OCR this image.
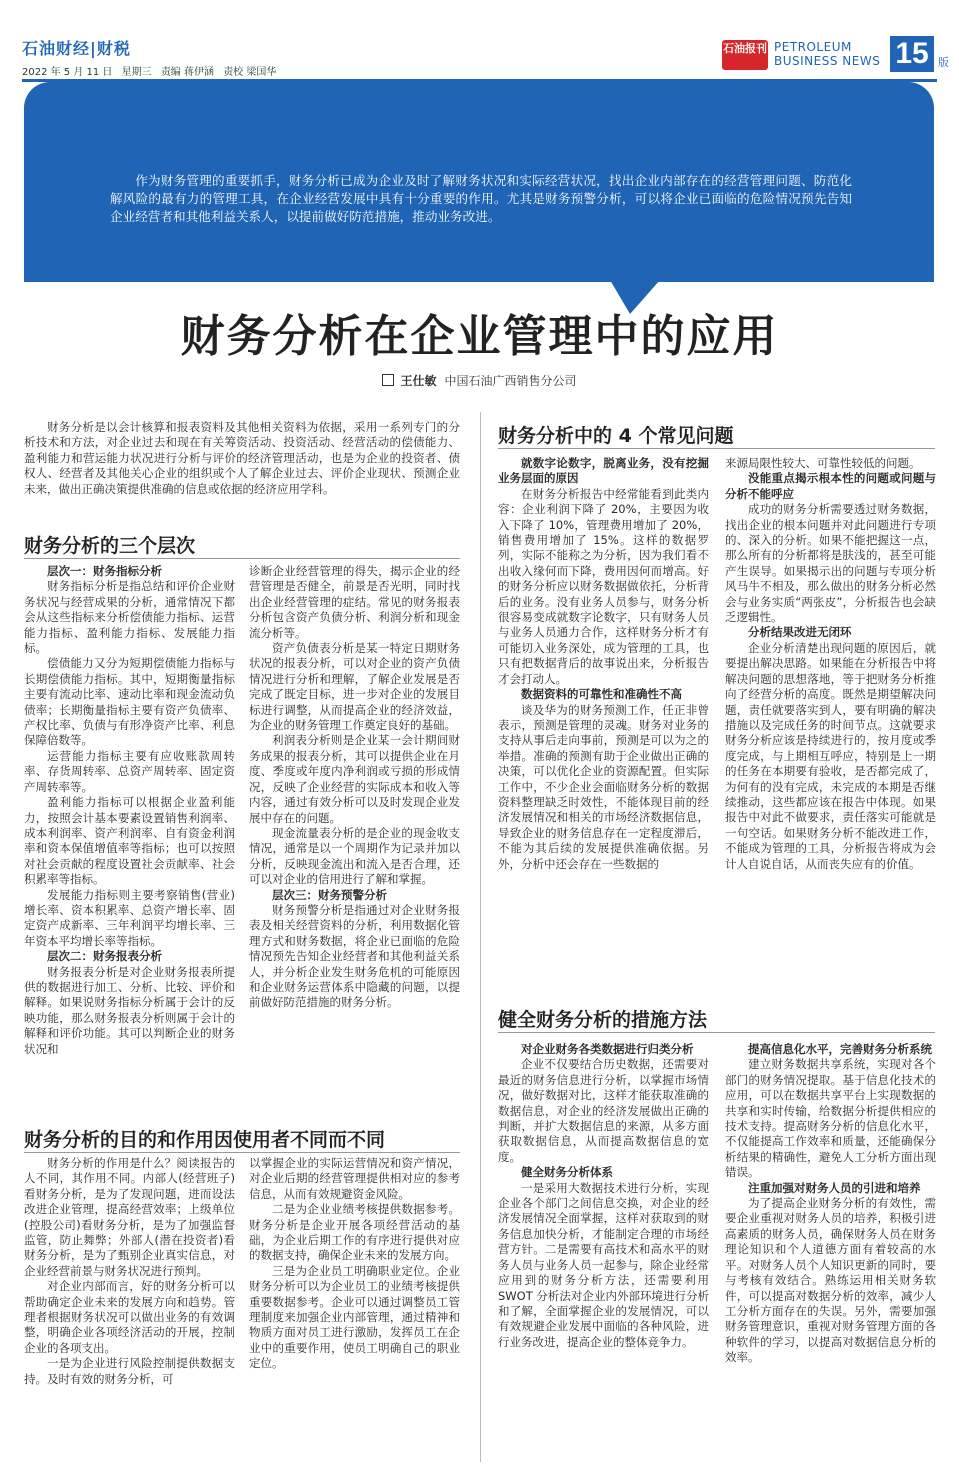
石油财经|财税
2022 年 5 月 11 日 星期三 责编 蒋伊涵 责校 梁国华
石油报刊 PETROLEUM
BUSINESS NEWS 15 版
作为财务管理的重要抓手，财务分析已成为企业及时了解财务状况和实际经营状况，找出企业内部存在的经营管理问题、防范化解风险的最有力的管理工具，在企业经营发展中具有十分重要的作用。尤其是财务预警分析，可以将企业已面临的危险情况预先告知企业经营者和其他利益关系人，以提前做好防范措施，推动业务改进。
财务分析在企业管理中的应用
王仕敏 中国石油广西销售分公司

财务分析是以会计核算和报表资料及其他相关资料为依据，采用一系列专门的分析技术和方法，对企业过去和现在有关筹资活动、投资活动、经营活动的偿债能力、盈利能力和营运能力状况进行分析与评价的经济管理活动，也是为企业的投资者、债权人、经营者及其他关心企业的组织或个人了解企业过去、评价企业现状、预测企业未来，做出正确决策提供准确的信息或依据的经济应用学科。

财务分析的三个层次

层次一：财务指标分析

财务指标分析是指总结和评价企业财务状况与经营成果的分析，通常情况下都会从这些指标来分析偿债能力指标、运营能力指标、盈利能力指标、发展能力指标。

偿债能力又分为短期偿债能力指标与长期偿债能力指标。其中，短期衡量指标主要有流动比率、速动比率和现金流动负债率；长期衡量指标主要有资产负债率、产权比率、负债与有形净资产比率、利息保障倍数等。

运营能力指标主要有应收账款周转率、存货周转率、总资产周转率、固定资产周转率等。

盈利能力指标可以根据企业盈利能力，按照会计基本要素设置销售利润率、成本利润率、资产利润率、自有资金利润率和资本保值增值率等指标；也可以按照对社会贡献的程度设置社会贡献率、社会积累率等指标。

发展能力指标则主要考察销售(营业)增长率、资本积累率、总资产增长率、固定资产成新率、三年利润平均增长率、三年资本平均增长率等指标。

层次二：财务报表分析

财务报表分析是对企业财务报表所提供的数据进行加工、分析、比较、评价和解释。如果说财务指标分析属于会计的反映功能，那么财务报表分析则属于会计的解释和评价功能。其可以判断企业的财务状况和

诊断企业经营管理的得失，揭示企业的经营管理是否健全，前景是否光明，同时找出企业经营管理的症结。常见的财务报表分析包含资产负债分析、利润分析和现金流分析等。

资产负债表分析是某一特定日期财务状况的报表分析，可以对企业的资产负债情况进行分析和理解，了解企业发展是否完成了既定目标，进一步对企业的发展目标进行调整，从而提高企业的经济效益，为企业的财务管理工作奠定良好的基础。

利润表分析则是企业某一会计期间财务成果的报表分析，其可以提供企业在月度、季度或年度内净利润或亏损的形成情况，反映了企业经营的实际成本和收入等内容，通过有效分析可以及时发现企业发展中存在的问题。

现金流量表分析的是企业的现金收支情况，通常是以一个周期作为记录并加以分析，反映现金流出和流入是否合理，还可以对企业的信用进行了解和掌握。

层次三：财务预警分析

财务预警分析是指通过对企业财务报表及相关经营资料的分析，利用数据化管理方式和财务数据，将企业已面临的危险情况预先告知企业经营者和其他利益关系人，并分析企业发生财务危机的可能原因和企业财务运营体系中隐藏的问题，以提前做好防范措施的财务分析。

财务分析的目的和作用因使用者不同而不同

财务分析的作用是什么？阅读报告的人不同，其作用不同。内部人(经营班子)看财务分析，是为了发现问题，进而设法改进企业管理，提高经营效率；上级单位(控股公司)看财务分析，是为了加强监督监管，防止舞弊；外部人(潜在投资者)看财务分析，是为了甄别企业真实信息，对企业经营前景与财务状况进行预判。

对企业内部而言，好的财务分析可以帮助确定企业未来的发展方向和趋势。管理者根据财务状况可以做出业务的有效调整，明确企业各项经济活动的开展，控制企业的各项支出。

一是为企业进行风险控制提供数据支持。及时有效的财务分析，可

以掌握企业的实际运营情况和资产情况，对企业后期的经营管理提供相对应的参考信息，从而有效规避资金风险。

二是为企业业绩考核提供数据参考。财务分析是企业开展各项经营活动的基础，为企业后期工作的有序进行提供对应的数据支持，确保企业未来的发展方向。

三是为企业员工明确职业定位。企业财务分析可以为企业员工的业绩考核提供重要数据参考。企业可以通过调整员工管理制度来加强企业内部管理，通过精神和物质方面对员工进行激励，发挥员工在企业中的重要作用，使员工明确自己的职业定位。

财务分析中的 4 个常见问题

就数字论数字，脱离业务，没有挖掘业务层面的原因

在财务分析报告中经常能看到此类内容：企业利润下降了 20%，主要因为收入下降了 10%，管理费用增加了 20%，销售费用增加了 15%。这样的数据罗列，实际不能称之为分析，因为我们看不出收入缘何而下降，费用因何而增高。好的财务分析应以财务数据做依托，分析背后的业务。没有业务人员参与，财务分析很容易变成就数字论数字，只有财务人员与业务人员通力合作，这样财务分析才有可能切入业务深处，成为管理的工具，也只有把数据背后的故事说出来，分析报告才会打动人。

数据资料的可靠性和准确性不高

谈及华为的财务预测工作，任正非曾表示，预测是管理的灵魂。财务对业务的支持从事后走向事前，预测是可以为之的举措。准确的预测有助于企业做出正确的决策，可以优化企业的资源配置。但实际工作中，不少企业会面临财务分析的数据资料整理缺乏时效性，不能体现目前的经济发展情况和相关的市场经济数据信息，导致企业的财务信息存在一定程度滞后，不能为其后续的发展提供准确依据。另外，分析中还会存在一些数据的

来源局限性较大、可靠性较低的问题。

没能重点揭示根本性的问题或问题与分析不能呼应

成功的财务分析需要透过财务数据，找出企业的根本问题并对此问题进行专项的、深入的分析。如果不能把握这一点，那么所有的分析都将是肤浅的，甚至可能产生误导。如果揭示出的问题与专项分析风马牛不相及，那么做出的财务分析必然会与业务实质“两张皮”，分析报告也会缺乏逻辑性。

分析结果改进无闭环

企业分析清楚出现问题的原因后，就要提出解决思路。如果能在分析报告中将解决问题的思想落地，等于把财务分析推向了经营分析的高度。既然是期望解决问题，责任就要落实到人，要有明确的解决措施以及完成任务的时间节点。这就要求财务分析应该是持续进行的，按月度或季度完成，与上期相互呼应，特别是上一期的任务在本期要有验收，是否都完成了，为何有的没有完成，未完成的本期是否继续推动，这些都应该在报告中体现。如果报告中对此不做要求，责任落实可能就是一句空话。如果财务分析不能改进工作，不能成为管理的工具，分析报告将成为会计人自说自话，从而丧失应有的价值。

健全财务分析的措施方法

对企业财务各类数据进行归类分析

企业不仅要结合历史数据，还需要对最近的财务信息进行分析，以掌握市场情况，做好数据对比，这样才能获取准确的数据信息，对企业的经济发展做出正确的判断，并扩大数据信息的来源，从多方面获取数据信息，从而提高数据信息的宽度。

健全财务分析体系

一是采用大数据技术进行分析，实现企业各个部门之间信息交换，对企业的经济发展情况全面掌握，这样对获取到的财务信息加快分析，才能制定合理的市场经营方针。二是需要有高技术和高水平的财务人员与业务人员一起参与，除企业经常应用到的财务分析方法，还需要利用 SWOT 分析法对企业内外部环境进行分析和了解，全面掌握企业的发展情况，可以有效规避企业发展中面临的各种风险，进行业务改进，提高企业的整体竞争力。

提高信息化水平，完善财务分析系统

建立财务数据共享系统，实现对各个部门的财务情况提取。基于信息化技术的应用，可以在数据共享平台上实现数据的共享和实时传输，给数据分析提供相应的技术支持。提高财务分析的信息化水平，不仅能提高工作效率和质量，还能确保分析结果的精确性，避免人工分析方面出现错误。

注重加强对财务人员的引进和培养

为了提高企业财务分析的有效性，需要企业重视对财务人员的培养，积极引进高素质的财务人员，确保财务人员在财务理论知识和个人道德方面有着较高的水平。对财务人员个人知识更新的同时，要与考核有效结合。熟练运用相关财务软件，可以提高对数据分析的效率，减少人工分析方面存在的失误。另外，需要加强财务管理意识，重视对财务管理方面的各种软件的学习，以提高对数据信息分析的效率。
